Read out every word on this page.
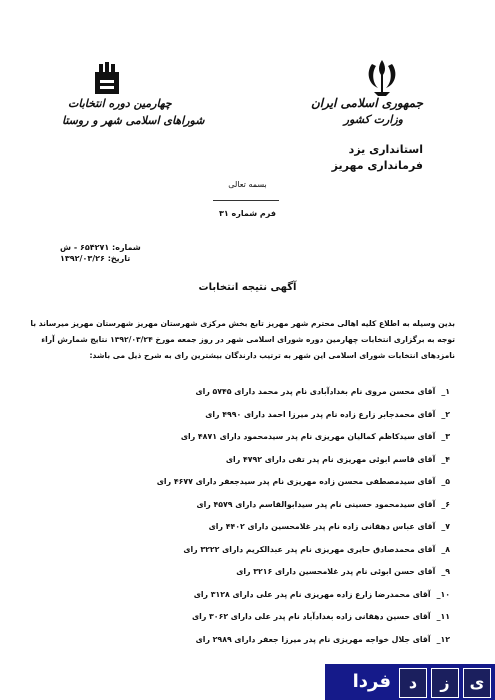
جمهوری اسلامی ایران
وزارت کشور
چهارمین دوره انتخابات
شوراهای اسلامی شهر و روستا
استانداری یزد
فرمانداری مهریز
بسمه تعالی
فرم شماره ۳۱
شماره: ۶۵۴۲۷۱ - ش
تاریخ: ۱۳۹۲/۰۳/۲۶
آگهی نتیجه انتخابات
بدین وسیله به اطلاع کلیه اهالی محترم شهر مهریز تابع بخش مرکزی شهرستان مهریز شهرستان مهریز میرساند با
توجه به برگزاری انتخابات چهارمین دوره شورای اسلامی شهر در روز جمعه مورخ ۱۳۹۲/۰۳/۲۴ نتایج شمارش آراء
نامزدهای انتخابات شورای اسلامی این شهر به ترتیب دارندگان بیشترین رای به شرح ذیل می باشد:
۱_آقای محسن مروی نام بغدادآبادی نام پدر محمد دارای ۵۷۴۵ رای
۲_آقای محمدجابر زارع زاده نام پدر میرزا احمد دارای ۴۹۹۰ رای
۳_آقای سیدکاظم کمالیان مهریزی نام پدر سیدمحمود دارای ۴۸۷۱ رای
۴_آقای قاسم ابوئی مهریزی نام پدر تقی دارای ۴۷۹۲ رای
۵_آقای سیدمصطفی محسن زاده مهریزی نام پدر سیدجعفر دارای ۴۶۷۷ رای
۶_آقای سیدمحمود حسینی نام پدر سیدابوالقاسم دارای ۴۵۷۹ رای
۷_آقای عباس دهقانی زاده نام پدر غلامحسین دارای ۴۴۰۲ رای
۸_آقای محمدصادق حایری مهریزی نام پدر عبدالکریم دارای ۳۲۲۲ رای
۹_آقای حسن ابوئی نام پدر غلامحسین دارای ۳۲۱۶ رای
۱۰_آقای محمدرضا زارع زاده مهریزی نام پدر علی دارای ۳۱۲۸ رای
۱۱_آقای حسین دهقانی زاده بغدادآباد نام پدر علی دارای ۳۰۶۲ رای
۱۲_آقای جلال خواجه مهریزی نام پدر میرزا جعفر دارای ۲۹۸۹ رای
ی
ز
د
فردا
